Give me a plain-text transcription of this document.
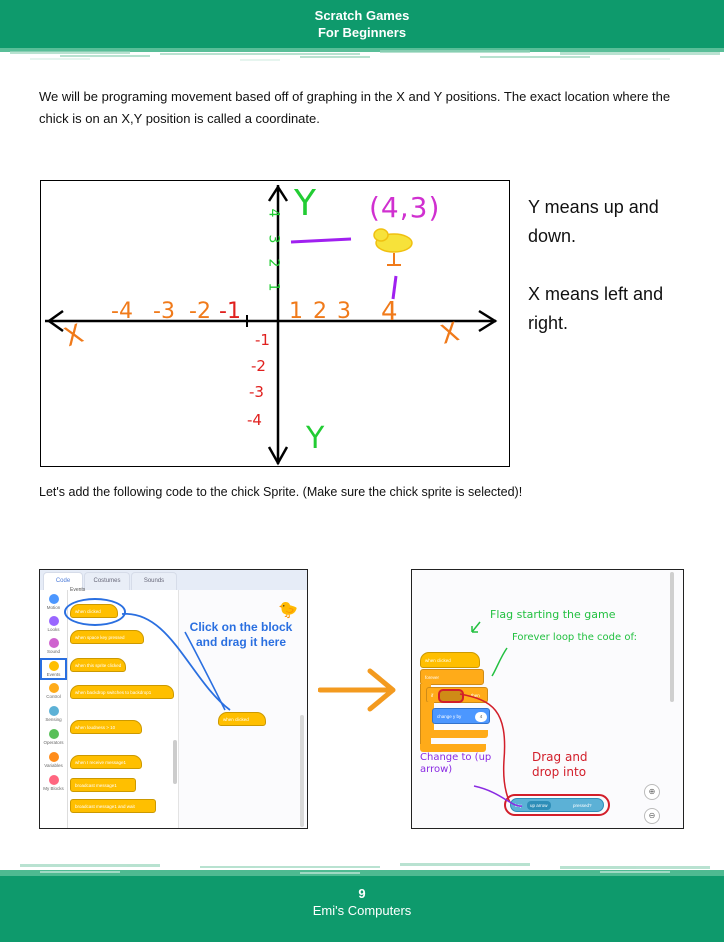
Scratch Games
For Beginners
We will be programing movement based off of graphing in the X and Y positions. The exact location where the chick is on an X,Y position is called a coordinate.
Y
Y
X	X
(4,3)
1 2 3 4
-4 -3 -2 -1
1
2
3
4
-1
-2
-3
-4
Y means up and down.
X means left and right.
Let's add the following code to the chick Sprite. (Make sure the chick sprite is selected)!
Code	Costumes	Sounds
Motion
Looks
Sound
Events
Control
Sensing
Operators
Variables
My Blocks
Events
when clicked
when space key pressed
when this sprite clicked
when backdrop switches to backdrop1
when loudness > 10
when I receive message1
broadcast message1
broadcast message1 and wait
Click on the block and drag it here
🐤
when clicked
when clicked
forever
if	then
change y by	4
key	up arrow	pressed?
⊕
⊖
Flag starting the game
Forever loop the code of:
Change to (up arrow)
Drag and drop into
9
Emi's Computers
